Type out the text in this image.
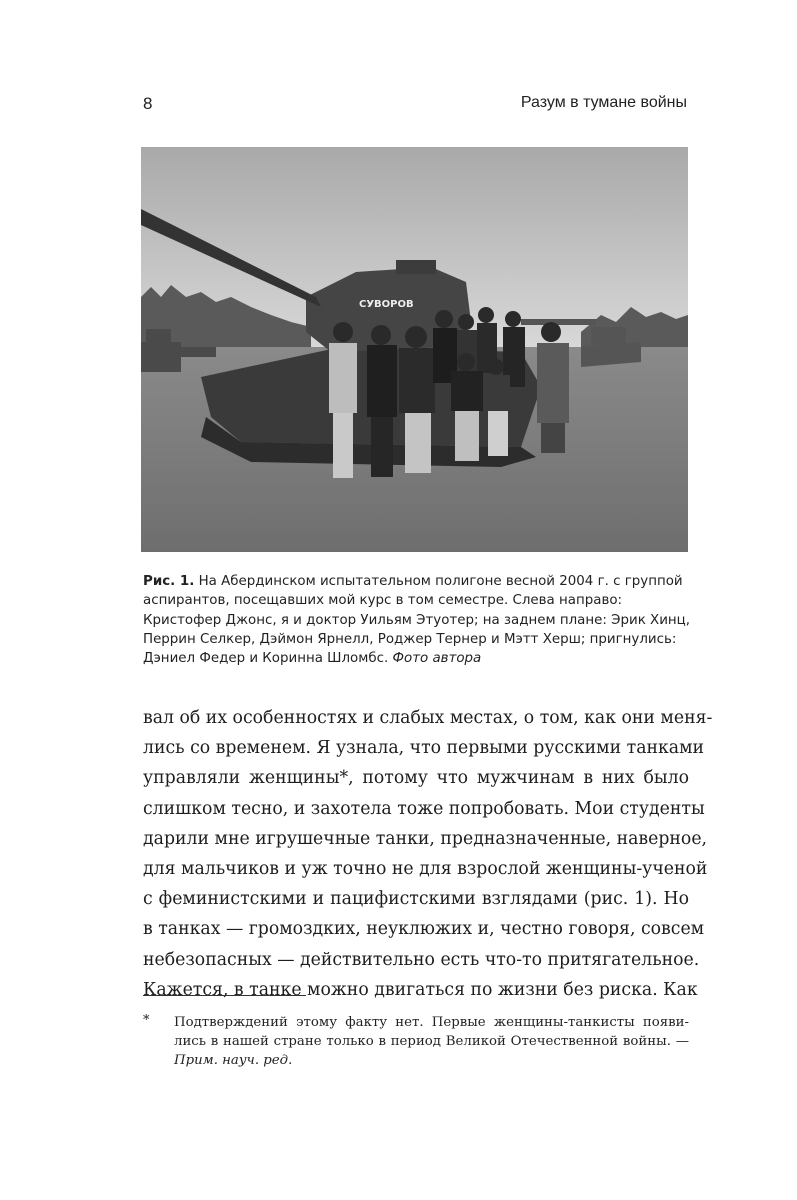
8	Разум в тумане войны
СУВОРОВ
Рис. 1. На Абердинском испытательном полигоне весной 2004 г. с группой
аспирантов, посещавших мой курс в том семестре. Слева направо:
Кристофер Джонс, я и доктор Уильям Этуотер; на заднем плане: Эрик Хинц,
Перрин Селкер, Дэймон Ярнелл, Роджер Тернер и Мэтт Херш; пригнулись:
Дэниел Федер и Коринна Шломбс. Фото автора
вал об их особенностях и слабых местах, о том, как они меня-
лись со временем. Я узнала, что первыми русскими танками
управляли женщины*, потому что мужчинам в них было
слишком тесно, и захотела тоже попробовать. Мои студенты
дарили мне игрушечные танки, предназначенные, наверное,
для мальчиков и уж точно не для взрослой женщины-ученой
с феминистскими и пацифистскими взглядами (рис. 1). Но
в танках — громоздких, неуклюжих и, честно говоря, совсем
небезопасных — действительно есть что-то притягательное.
Кажется, в танке можно двигаться по жизни без риска. Как
* Подтверждений этому факту нет. Первые женщины-танкисты появи-
лись в нашей стране только в период Великой Отечественной войны. —
Прим. науч. ред.
